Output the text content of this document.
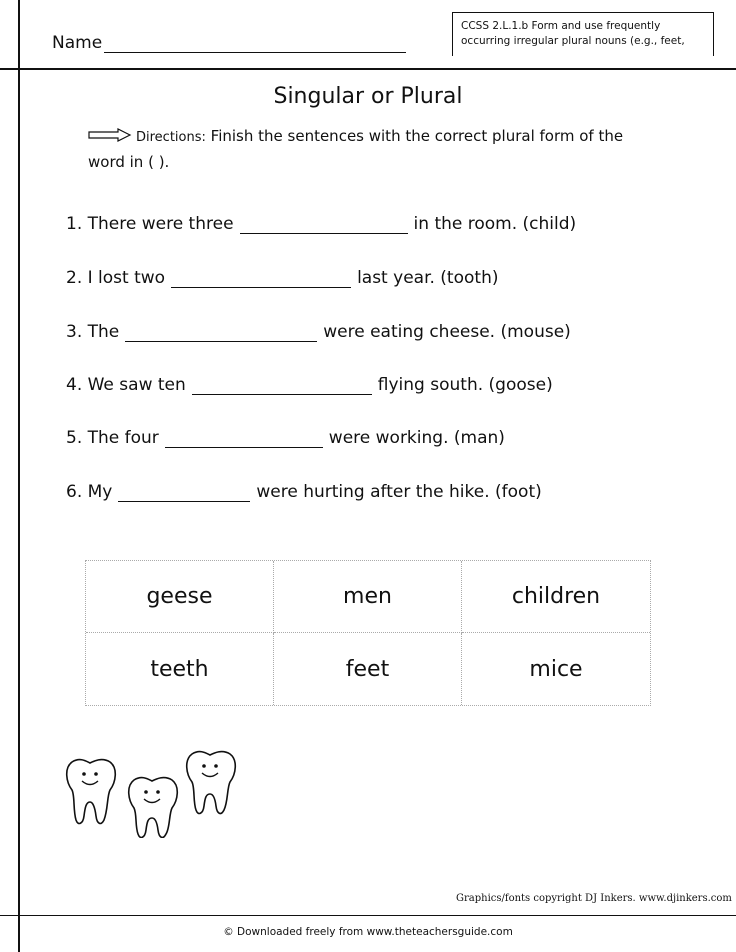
Name
CCSS 2.L.1.b Form and use frequently
occurring irregular plural nouns (e.g., feet,
Singular or Plural
Directions: Finish the sentences with the correct plural form of the
word in ( ).
1. There were three	in the room. (child)
2. I lost two	last year. (tooth)
3. The	were eating cheese. (mouse)
4. We saw ten	flying south. (goose)
5. The four	were working. (man)
6. My	were hurting after the hike. (foot)
geese	men	children
teeth	feet	mice
Graphics/fonts copyright DJ Inkers. www.djinkers.com
© Downloaded freely from www.theteachersguide.com
